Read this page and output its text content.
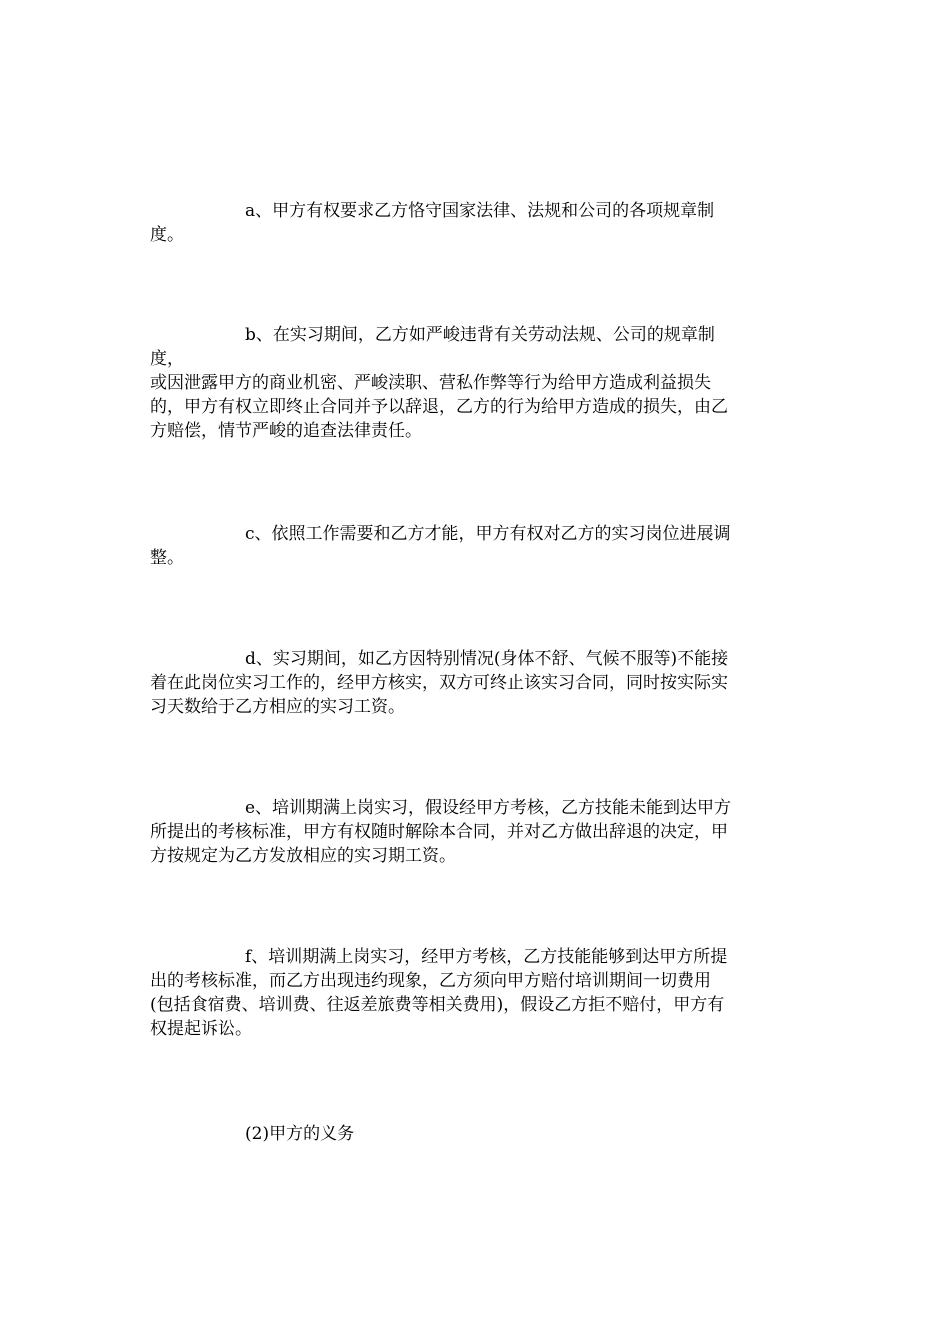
a、甲方有权要求乙方恪守国家法律、法规和公司的各项规章制
度。

b、在实习期间，乙方如严峻违背有关劳动法规、公司的规章制
度，
或因泄露甲方的商业机密、严峻渎职、营私作弊等行为给甲方造成利益损失
的，甲方有权立即终止合同并予以辞退，乙方的行为给甲方造成的损失，由乙
方赔偿，情节严峻的追查法律责任。

c、依照工作需要和乙方才能，甲方有权对乙方的实习岗位进展调
整。

d、实习期间，如乙方因特别情况(身体不舒、气候不服等)不能接
着在此岗位实习工作的，经甲方核实，双方可终止该实习合同，同时按实际实
习天数给于乙方相应的实习工资。

e、培训期满上岗实习，假设经甲方考核，乙方技能未能到达甲方
所提出的考核标准，甲方有权随时解除本合同，并对乙方做出辞退的决定，甲
方按规定为乙方发放相应的实习期工资。

f、培训期满上岗实习，经甲方考核，乙方技能能够到达甲方所提
出的考核标准，而乙方出现违约现象，乙方须向甲方赔付培训期间一切费用
(包括食宿费、培训费、往返差旅费等相关费用)，假设乙方拒不赔付，甲方有
权提起诉讼。

(2)甲方的义务
